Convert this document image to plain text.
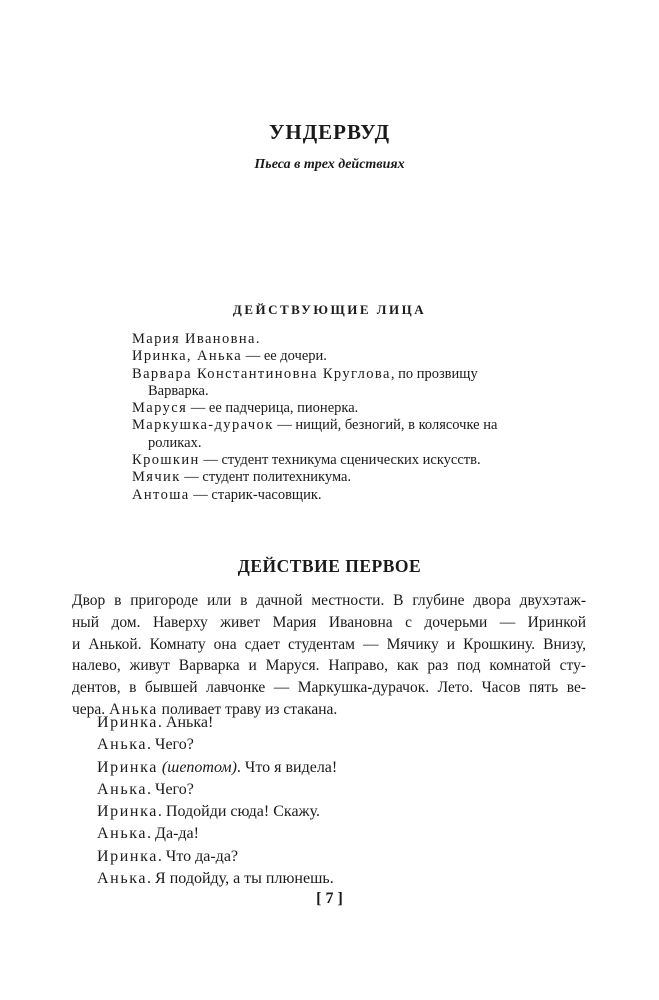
УНДЕРВУД
Пьеса в трех действиях
ДЕЙСТВУЮЩИЕ ЛИЦА

Мария Ивановна.

Иринка, Анька — ее дочери.

Варвара Константиновна Круглова, по прозвищу Варварка.

Маруся — ее падчерица, пионерка.

Маркушка-дурачок — нищий, безногий, в колясочке на роликах.

Крошкин — студент техникума сценических искусств.

Мячик — студент политехникума.

Антоша — старик-часовщик.

ДЕЙСТВИЕ ПЕРВОЕ
Двор в пригороде или в дачной местности. В глубине двора двухэтаж-
ный дом. Наверху живет Мария Ивановна с дочерьми — Иринкой
и Анькой. Комнату она сдает студентам — Мячику и Крошкину. Внизу,
налево, живут Варварка и Маруся. Направо, как раз под комнатой сту-
дентов, в бывшей лавчонке — Маркушка-дурачок. Лето. Часов пять ве-
чера. Анька поливает траву из стакана.

Иринка. Анька!

Анька. Чего?

Иринка (шепотом). Что я видела!

Анька. Чего?

Иринка. Подойди сюда! Скажу.

Анька. Да-да!

Иринка. Что да-да?

Анька. Я подойду, а ты плюнешь.

[ 7 ]
